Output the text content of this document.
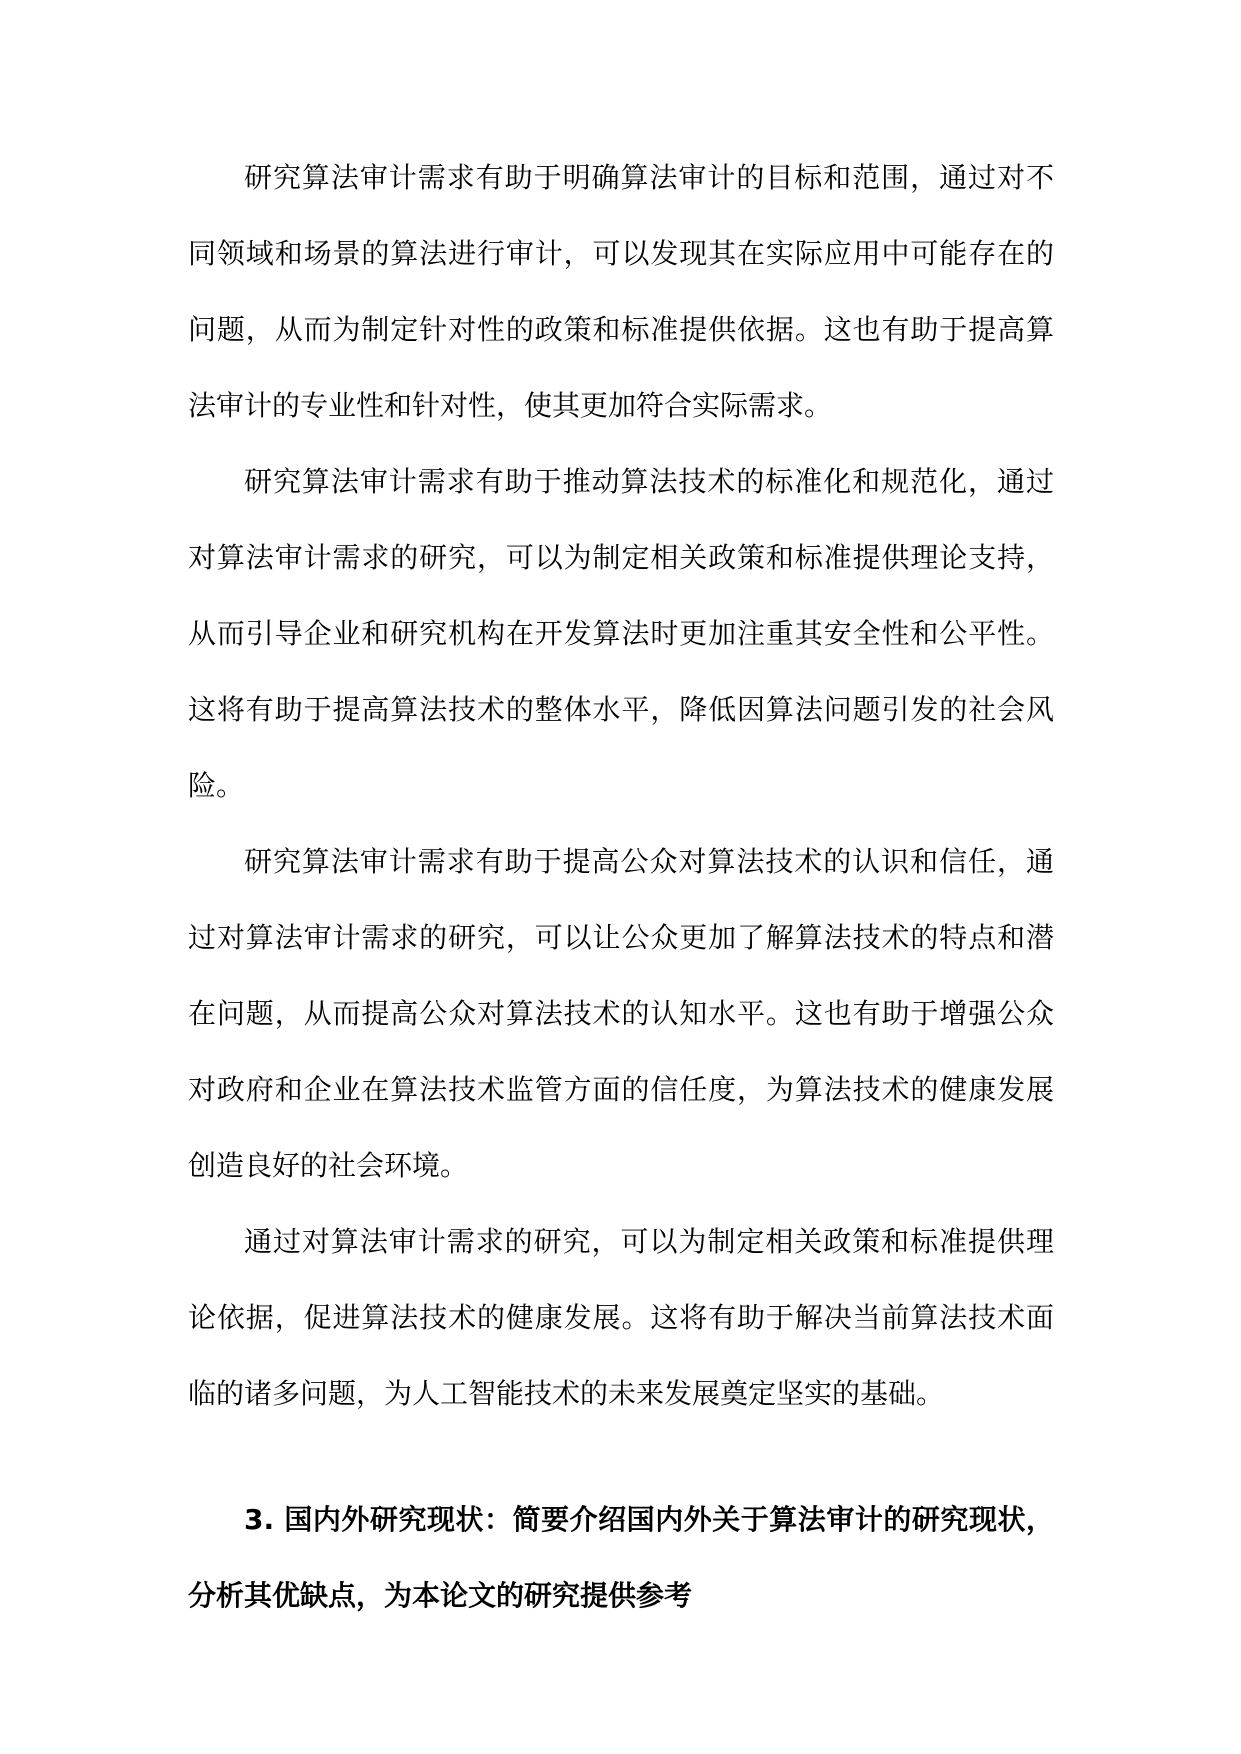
研究算法审计需求有助于明确算法审计的目标和范围，通过对不同领域和场景的算法进行审计，可以发现其在实际应用中可能存在的问题，从而为制定针对性的政策和标准提供依据。这也有助于提高算法审计的专业性和针对性，使其更加符合实际需求。

研究算法审计需求有助于推动算法技术的标准化和规范化，通过对算法审计需求的研究，可以为制定相关政策和标准提供理论支持，从而引导企业和研究机构在开发算法时更加注重其安全性和公平性。这将有助于提高算法技术的整体水平，降低因算法问题引发的社会风险。

研究算法审计需求有助于提高公众对算法技术的认识和信任，通过对算法审计需求的研究，可以让公众更加了解算法技术的特点和潜在问题，从而提高公众对算法技术的认知水平。这也有助于增强公众对政府和企业在算法技术监管方面的信任度，为算法技术的健康发展创造良好的社会环境。

通过对算法审计需求的研究，可以为制定相关政策和标准提供理论依据，促进算法技术的健康发展。这将有助于解决当前算法技术面临的诸多问题，为人工智能技术的未来发展奠定坚实的基础。

3. 国内外研究现状：简要介绍国内外关于算法审计的研究现状，分析其优缺点，为本论文的研究提供参考
